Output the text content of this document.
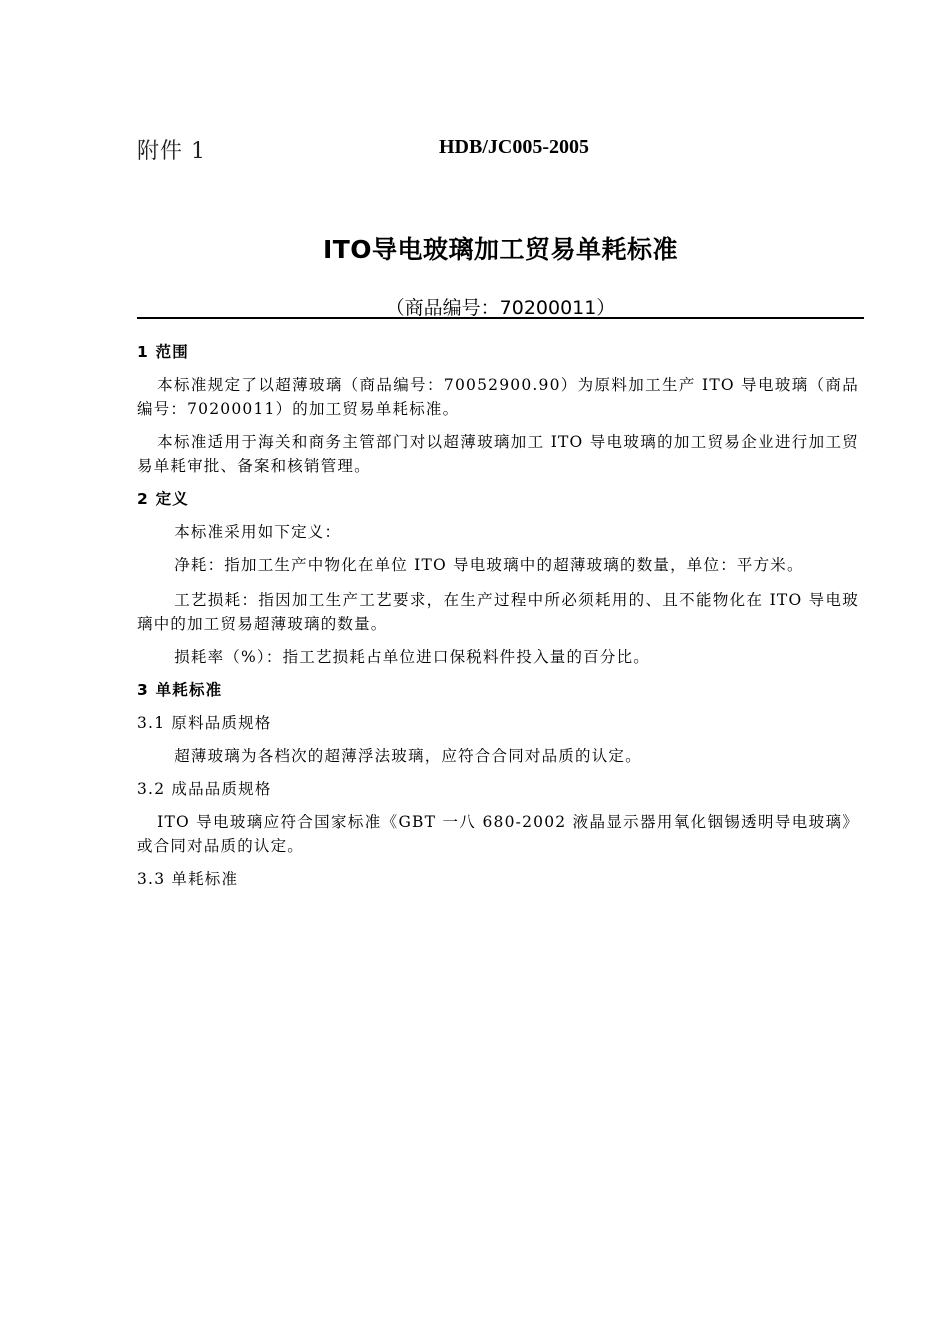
附件 1	HDB/JC005-2005
ITO导电玻璃加工贸易单耗标准
（商品编号：70200011）

1 范围

本标准规定了以超薄玻璃（商品编号：70052900.90）为原料加工生产 ITO 导电玻璃（商品编号：70200011）的加工贸易单耗标准。

本标准适用于海关和商务主管部门对以超薄玻璃加工 ITO 导电玻璃的加工贸易企业进行加工贸易单耗审批、备案和核销管理。

2 定义

本标准采用如下定义：

净耗：指加工生产中物化在单位 ITO 导电玻璃中的超薄玻璃的数量，单位：平方米。

工艺损耗：指因加工生产工艺要求，在生产过程中所必须耗用的、且不能物化在 ITO 导电玻璃中的加工贸易超薄玻璃的数量。

损耗率（%）：指工艺损耗占单位进口保税料件投入量的百分比。

3 单耗标准

3.1 原料品质规格

超薄玻璃为各档次的超薄浮法玻璃，应符合合同对品质的认定。

3.2 成品品质规格

ITO 导电玻璃应符合国家标准《GBT 一八 680-2002 液晶显示器用氧化铟锡透明导电玻璃》或合同对品质的认定。

3.3 单耗标准
